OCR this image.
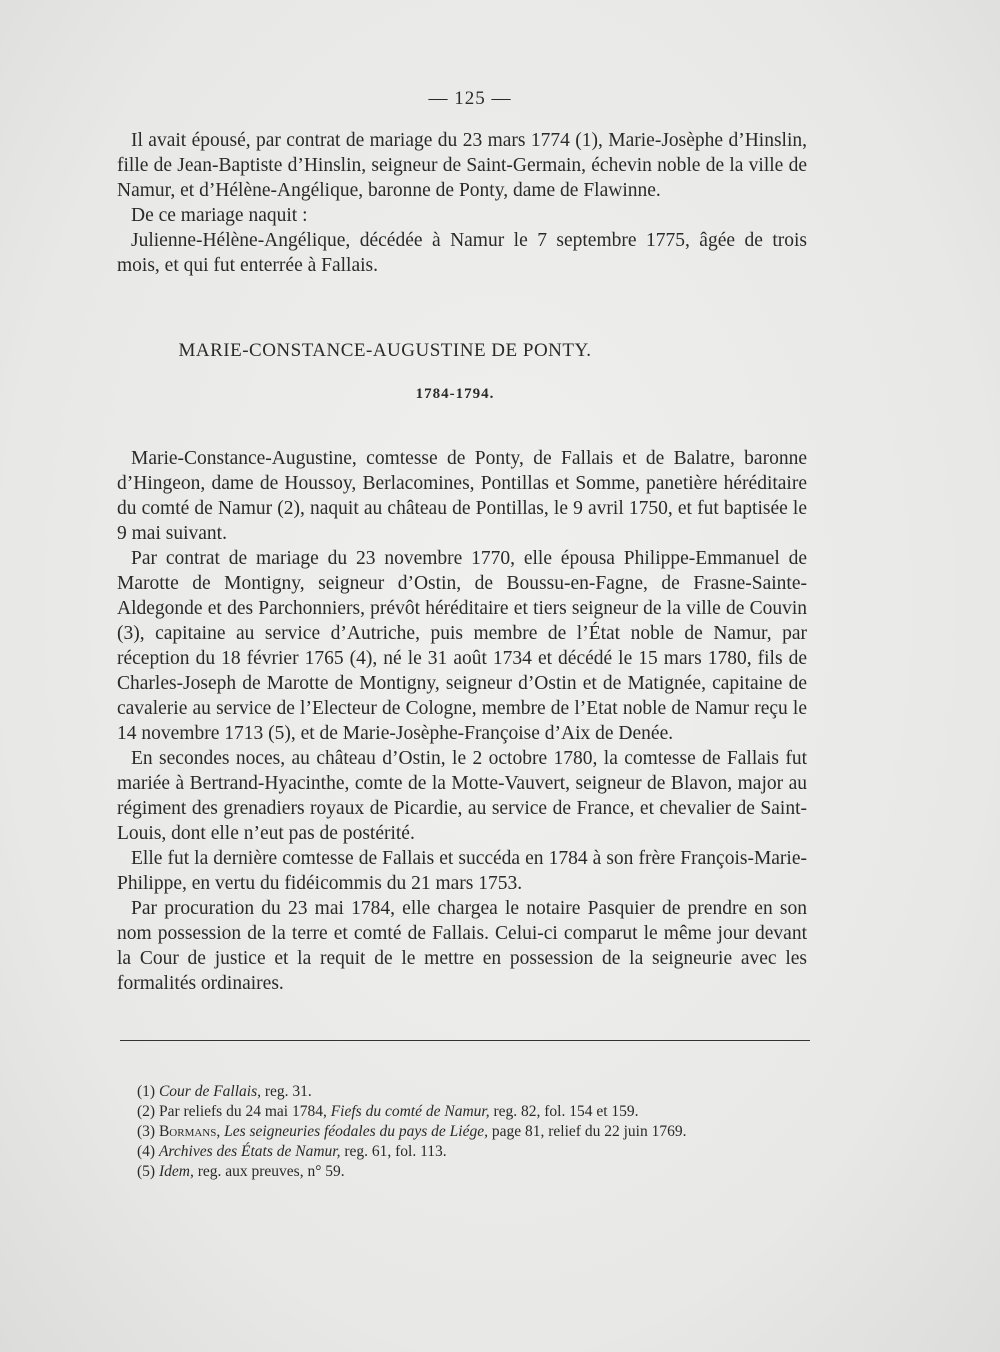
— 125 —

Il avait épousé, par contrat de mariage du 23 mars 1774 (1), Marie-Josèphe d’Hinslin, fille de Jean-Baptiste d’Hinslin, seigneur de Saint-Germain, échevin noble de la ville de Namur, et d’Hélène-Angélique, baronne de Ponty, dame de Flawinne.

De ce mariage naquit :

Julienne-Hélène-Angélique, décédée à Namur le 7 septembre 1775, âgée de trois mois, et qui fut enterrée à Fallais.

MARIE-CONSTANCE-AUGUSTINE DE PONTY.
1784-1794.

Marie-Constance-Augustine, comtesse de Ponty, de Fallais et de Balatre, baronne d’Hingeon, dame de Houssoy, Berlacomines, Pontillas et Somme, panetière héréditaire du comté de Namur (2), naquit au château de Pontillas, le 9 avril 1750, et fut baptisée le 9 mai suivant.

Par contrat de mariage du 23 novembre 1770, elle épousa Philippe-Emmanuel de Marotte de Montigny, seigneur d’Ostin, de Boussu-en-Fagne, de Frasne-Sainte-Aldegonde et des Parchonniers, prévôt héréditaire et tiers seigneur de la ville de Couvin (3), capitaine au service d’Autriche, puis membre de l’État noble de Namur, par réception du 18 février 1765 (4), né le 31 août 1734 et décédé le 15 mars 1780, fils de Charles-Joseph de Marotte de Montigny, seigneur d’Ostin et de Matignée, capitaine de cavalerie au service de l’Electeur de Cologne, membre de l’Etat noble de Namur reçu le 14 novembre 1713 (5), et de Marie-Josèphe-Françoise d’Aix de Denée.

En secondes noces, au château d’Ostin, le 2 octobre 1780, la comtesse de Fallais fut mariée à Bertrand-Hyacinthe, comte de la Motte-Vauvert, seigneur de Blavon, major au régiment des grenadiers royaux de Picardie, au service de France, et chevalier de Saint-Louis, dont elle n’eut pas de postérité.

Elle fut la dernière comtesse de Fallais et succéda en 1784 à son frère François-Marie-Philippe, en vertu du fidéicommis du 21 mars 1753.

Par procuration du 23 mai 1784, elle chargea le notaire Pasquier de prendre en son nom possession de la terre et comté de Fallais. Celui-ci comparut le même jour devant la Cour de justice et la requit de le mettre en possession de la seigneurie avec les formalités ordinaires.

(1) Cour de Fallais, reg. 31.
(2) Par reliefs du 24 mai 1784, Fiefs du comté de Namur, reg. 82, fol. 154 et 159.
(3) Bormans, Les seigneuries féodales du pays de Liége, page 81, relief du 22 juin 1769.
(4) Archives des États de Namur, reg. 61, fol. 113.
(5) Idem, reg. aux preuves, n° 59.
